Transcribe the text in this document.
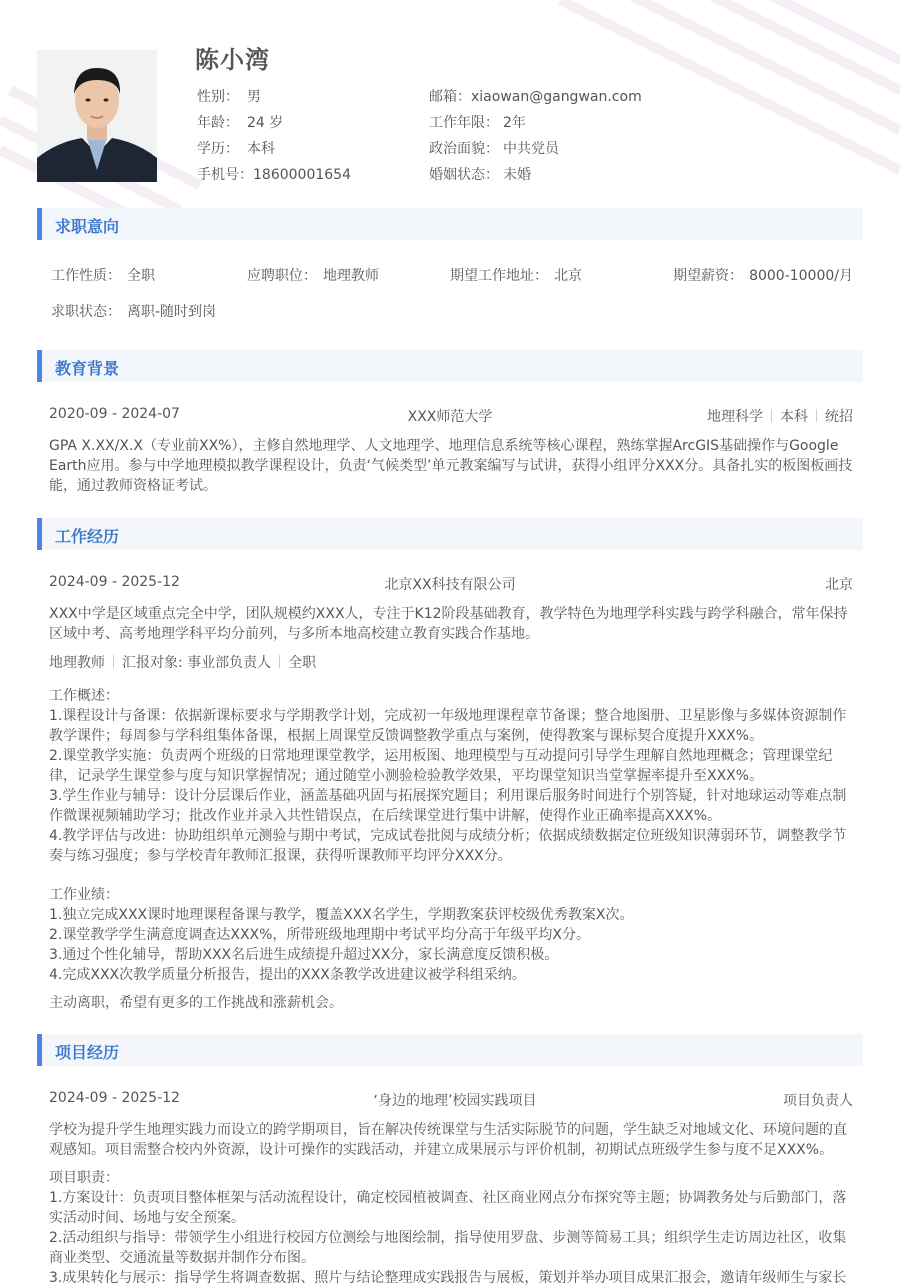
陈小湾
性别： 男	邮箱：xiaowan@gangwan.com
年龄： 24 岁	工作年限： 2年
学历： 本科	政治面貌： 中共党员
手机号：18600001654	婚姻状态： 未婚
求职意向
工作性质： 全职	应聘职位： 地理教师	期望工作地址： 北京	期望薪资： 8000-10000/月
求职状态： 离职-随时到岗
教育背景
2020-09 - 2024-07	XXX师范大学	地理科学 本科 统招
GPA X.XX/X.X（专业前XX%），主修自然地理学、人文地理学、地理信息系统等核心课程，熟练掌握ArcGIS基础操作与Google Earth应用。参与中学地理模拟教学课程设计，负责‘气候类型’单元教案编写与试讲，获得小组评分XXX分。具备扎实的板图板画技能，通过教师资格证考试。
工作经历
2024-09 - 2025-12	北京XX科技有限公司	北京
XXX中学是区域重点完全中学，团队规模约XXX人，专注于K12阶段基础教育，教学特色为地理学科实践与跨学科融合，常年保持区域中考、高考地理学科平均分前列，与多所本地高校建立教育实践合作基地。
地理教师 汇报对象: 事业部负责人 全职
工作概述：
1.课程设计与备课：依据新课标要求与学期教学计划，完成初一年级地理课程章节备课；整合地图册、卫星影像与多媒体资源制作教学课件；每周参与学科组集体备课，根据上周课堂反馈调整教学重点与案例，使得教案与课标契合度提升XXX%。
2.课堂教学实施：负责两个班级的日常地理课堂教学，运用板图、地理模型与互动提问引导学生理解自然地理概念；管理课堂纪律，记录学生课堂参与度与知识掌握情况；通过随堂小测验检验教学效果，平均课堂知识当堂掌握率提升至XXX%。
3.学生作业与辅导：设计分层课后作业，涵盖基础巩固与拓展探究题目；利用课后服务时间进行个别答疑，针对地球运动等难点制作微课视频辅助学习；批改作业并录入共性错误点，在后续课堂进行集中讲解，使得作业正确率提高XXX%。
4.教学评估与改进：协助组织单元测验与期中考试，完成试卷批阅与成绩分析；依据成绩数据定位班级知识薄弱环节，调整教学节奏与练习强度；参与学校青年教师汇报课，获得听课教师平均评分XXX分。
工作业绩：
1.独立完成XXX课时地理课程备课与教学，覆盖XXX名学生，学期教案获评校级优秀教案X次。
2.课堂教学学生满意度调查达XXX%，所带班级地理期中考试平均分高于年级平均X分。
3.通过个性化辅导，帮助XXX名后进生成绩提升超过XX分，家长满意度反馈积极。
4.完成XXX次教学质量分析报告，提出的XXX条教学改进建议被学科组采纳。
主动离职，希望有更多的工作挑战和涨薪机会。
项目经历
2024-09 - 2025-12	‘身边的地理’校园实践项目	项目负责人
学校为提升学生地理实践力而设立的跨学期项目，旨在解决传统课堂与生活实际脱节的问题，学生缺乏对地域文化、环境问题的直观感知。项目需整合校内外资源，设计可操作的实践活动，并建立成果展示与评价机制，初期试点班级学生参与度不足XXX%。
项目职责：
1.方案设计：负责项目整体框架与活动流程设计，确定校园植被调查、社区商业网点分布探究等主题；协调教务处与后勤部门，落实活动时间、场地与安全预案。
2.活动组织与指导：带领学生小组进行校园方位测绘与地图绘制，指导使用罗盘、步测等简易工具；组织学生走访周边社区，收集商业类型、交通流量等数据并制作分布图。
3.成果转化与展示：指导学生将调查数据、照片与结论整理成实践报告与展板，策划并举办项目成果汇报会，邀请年级师生与家长
